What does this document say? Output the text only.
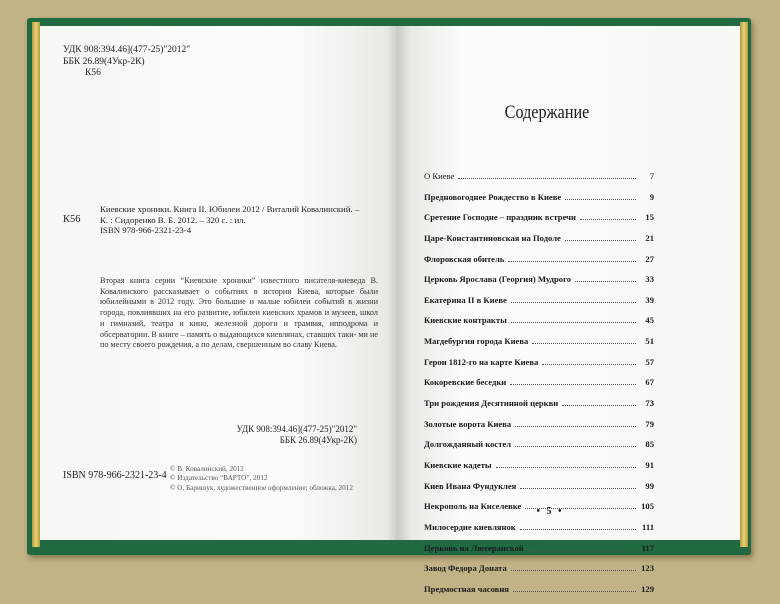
УДК 908:394.46](477-25)"2012"
ББК 26.89(4Укр-2К)
К56
К56
Киевские хроники. Книга II. Юбилеи 2012 / Виталий Ковалинский. –
К. : Сидоренко В. Б. 2012. – 320 с. : ил.
ISBN 978-966-2321-23-4
Вторая книга серии “Киевские хроники” известного писателя-киеведа В. Ковалинского рассказывает о событиях в истории Киева, которые были юбилейными в 2012 году. Это большие и малые юбилеи событий в жизни города, повлиявших на его развитие, юбилеи киевских храмов и музеев, школ и гимназий, театра и кино, железной дороги и трамвая, ипподрома и обсерватории. В книге – память о выдающихся киевлянах, ставших таки- ми не по месту своего рождения, а по делам, свершенным во славу Киева.
УДК 908:394.46](477-25)"2012"
ББК 26.89(4Укр-2К)
ISBN 978-966-2321-23-4
© В. Ковалинский, 2012
© Издательство “ВАРТО”, 2012
© О. Баришук, художественное оформление; обложка, 2012
Содержание
О Киеве	7
Предновогоднее Рождество в Киеве	9
Сретение Господне – праздник встречи	15
Царе-Константиновская на Подоле	21
Флоровская обитель	27
Церковь Ярослава (Георгия) Мудрого	33
Екатерина II в Киеве	39
Киевские контракты	45
Магдебургия города Киева	51
Герои 1812-го на карте Киева	57
Кокоревские беседки	67
Три рождения Десятинной церкви	73
Золотые ворота Киева	79
Долгожданный костел	85
Киевские кадеты	91
Киев Ивана Фундуклея	99
Некрополь на Киселевке	105
Милосердие киевлянок	111
Церковь на Лютеранской	117
Завод Федора Доната	123
Предмостная часовня	129
• 5 •
